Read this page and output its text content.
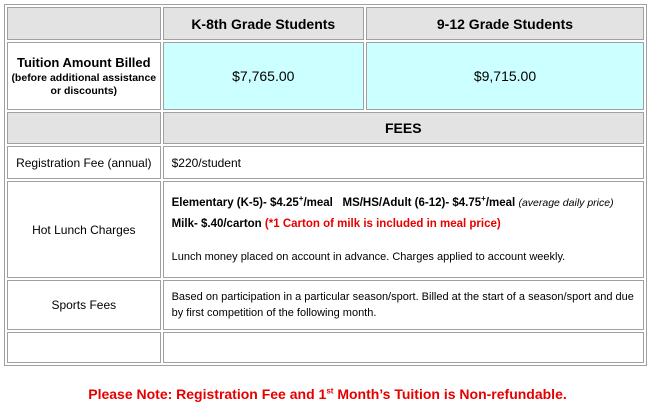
	K-8th Grade Students	9-12 Grade Students

Tuition Amount Billed
(before additional assistance or discounts)	$7,765.00	$9,715.00
	FEES	
Registration Fee (annual)	$220/student	
Hot Lunch Charges	Elementary (K-5)- $4.25+/meal MS/HS/Adult (6-12)- $4.75+/meal (average daily price)
Milk- $.40/carton (*1 Carton of milk is included in meal price)
Lunch money placed on account in advance. Charges applied to account weekly.	

Sports Fees	Based on participation in a particular season/sport. Billed at the start of a season/sport and due by first competition of the following month.	

Please Note: Registration Fee and 1st Month’s Tuition is Non-refundable.
